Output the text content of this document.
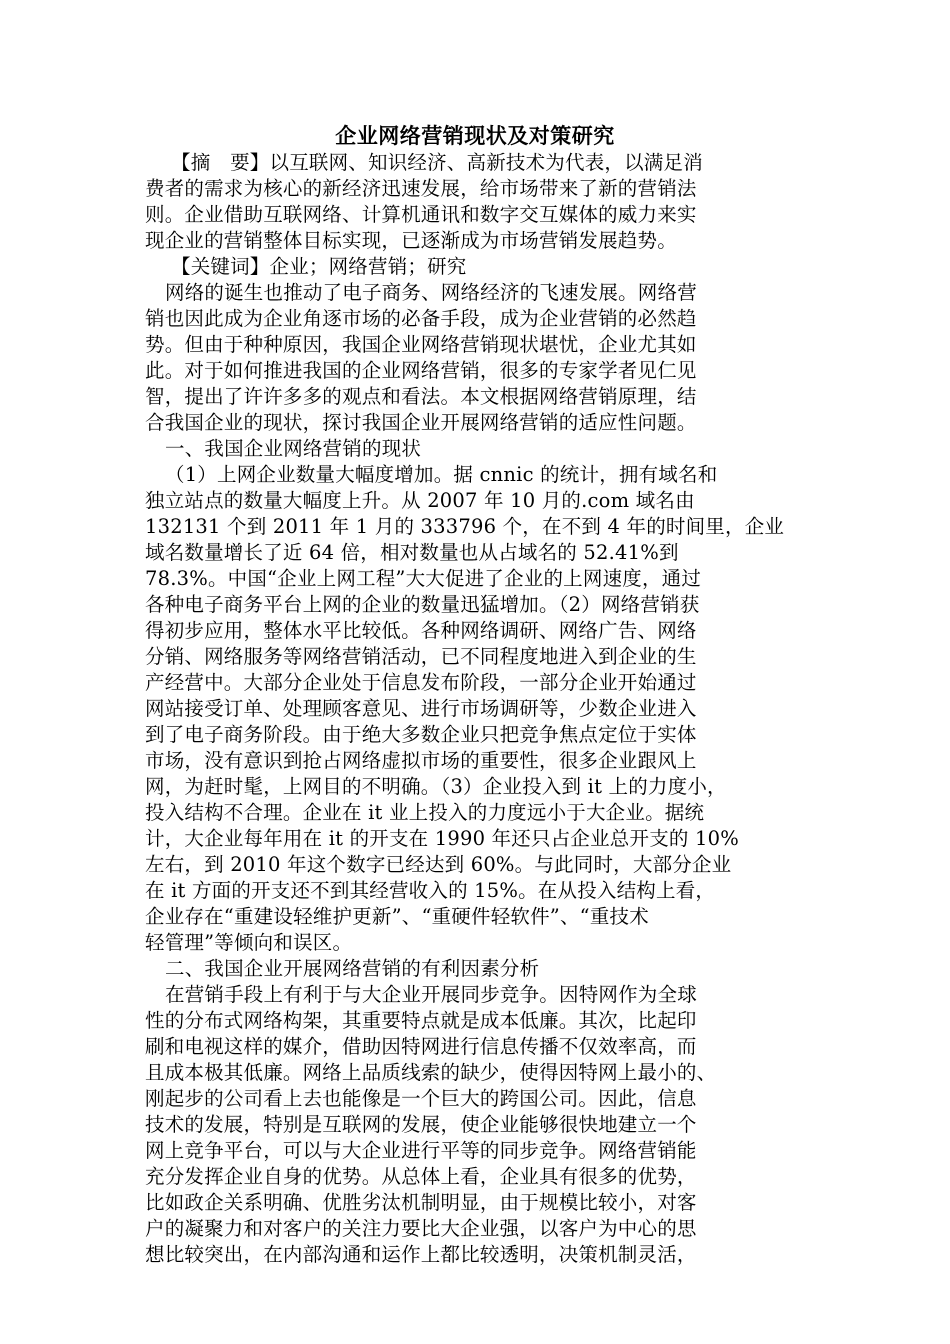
企业网络营销现状及对策研究
【摘　要】以互联网、知识经济、高新技术为代表，以满足消
费者的需求为核心的新经济迅速发展，给市场带来了新的营销法
则。企业借助互联网络、计算机通讯和数字交互媒体的威力来实
现企业的营销整体目标实现，已逐渐成为市场营销发展趋势。
【关键词】企业；网络营销；研究
网络的诞生也推动了电子商务、网络经济的飞速发展。网络营
销也因此成为企业角逐市场的必备手段，成为企业营销的必然趋
势。但由于种种原因，我国企业网络营销现状堪忧，企业尤其如
此。对于如何推进我国的企业网络营销，很多的专家学者见仁见
智，提出了许许多多的观点和看法。本文根据网络营销原理，结
合我国企业的现状，探讨我国企业开展网络营销的适应性问题。
一、我国企业网络营销的现状
（1）上网企业数量大幅度增加。据 cnnic 的统计，拥有域名和
独立站点的数量大幅度上升。从 2007 年 10 月的.com 域名由
132131 个到 2011 年 1 月的 333796 个，在不到 4 年的时间里，企业
域名数量增长了近 64 倍，相对数量也从占域名的 52.41%到
78.3%。中国“企业上网工程”大大促进了企业的上网速度，通过
各种电子商务平台上网的企业的数量迅猛增加。（2）网络营销获
得初步应用，整体水平比较低。各种网络调研、网络广告、网络
分销、网络服务等网络营销活动，已不同程度地进入到企业的生
产经营中。大部分企业处于信息发布阶段，一部分企业开始通过
网站接受订单、处理顾客意见、进行市场调研等，少数企业进入
到了电子商务阶段。由于绝大多数企业只把竞争焦点定位于实体
市场，没有意识到抢占网络虚拟市场的重要性，很多企业跟风上
网，为赶时髦，上网目的不明确。（3）企业投入到 it 上的力度小，
投入结构不合理。企业在 it 业上投入的力度远小于大企业。据统
计，大企业每年用在 it 的开支在 1990 年还只占企业总开支的 10%
左右，到 2010 年这个数字已经达到 60%。与此同时，大部分企业
在 it 方面的开支还不到其经营收入的 15%。在从投入结构上看，
企业存在“重建设轻维护更新”、“重硬件轻软件”、“重技术
轻管理”等倾向和误区。
二、我国企业开展网络营销的有利因素分析
在营销手段上有利于与大企业开展同步竞争。因特网作为全球
性的分布式网络构架，其重要特点就是成本低廉。其次，比起印
刷和电视这样的媒介，借助因特网进行信息传播不仅效率高，而
且成本极其低廉。网络上品质线索的缺少，使得因特网上最小的、
刚起步的公司看上去也能像是一个巨大的跨国公司。因此，信息
技术的发展，特别是互联网的发展，使企业能够很快地建立一个
网上竞争平台，可以与大企业进行平等的同步竞争。网络营销能
充分发挥企业自身的优势。从总体上看，企业具有很多的优势，
比如政企关系明确、优胜劣汰机制明显，由于规模比较小，对客
户的凝聚力和对客户的关注力要比大企业强，以客户为中心的思
想比较突出，在内部沟通和运作上都比较透明，决策机制灵活，
